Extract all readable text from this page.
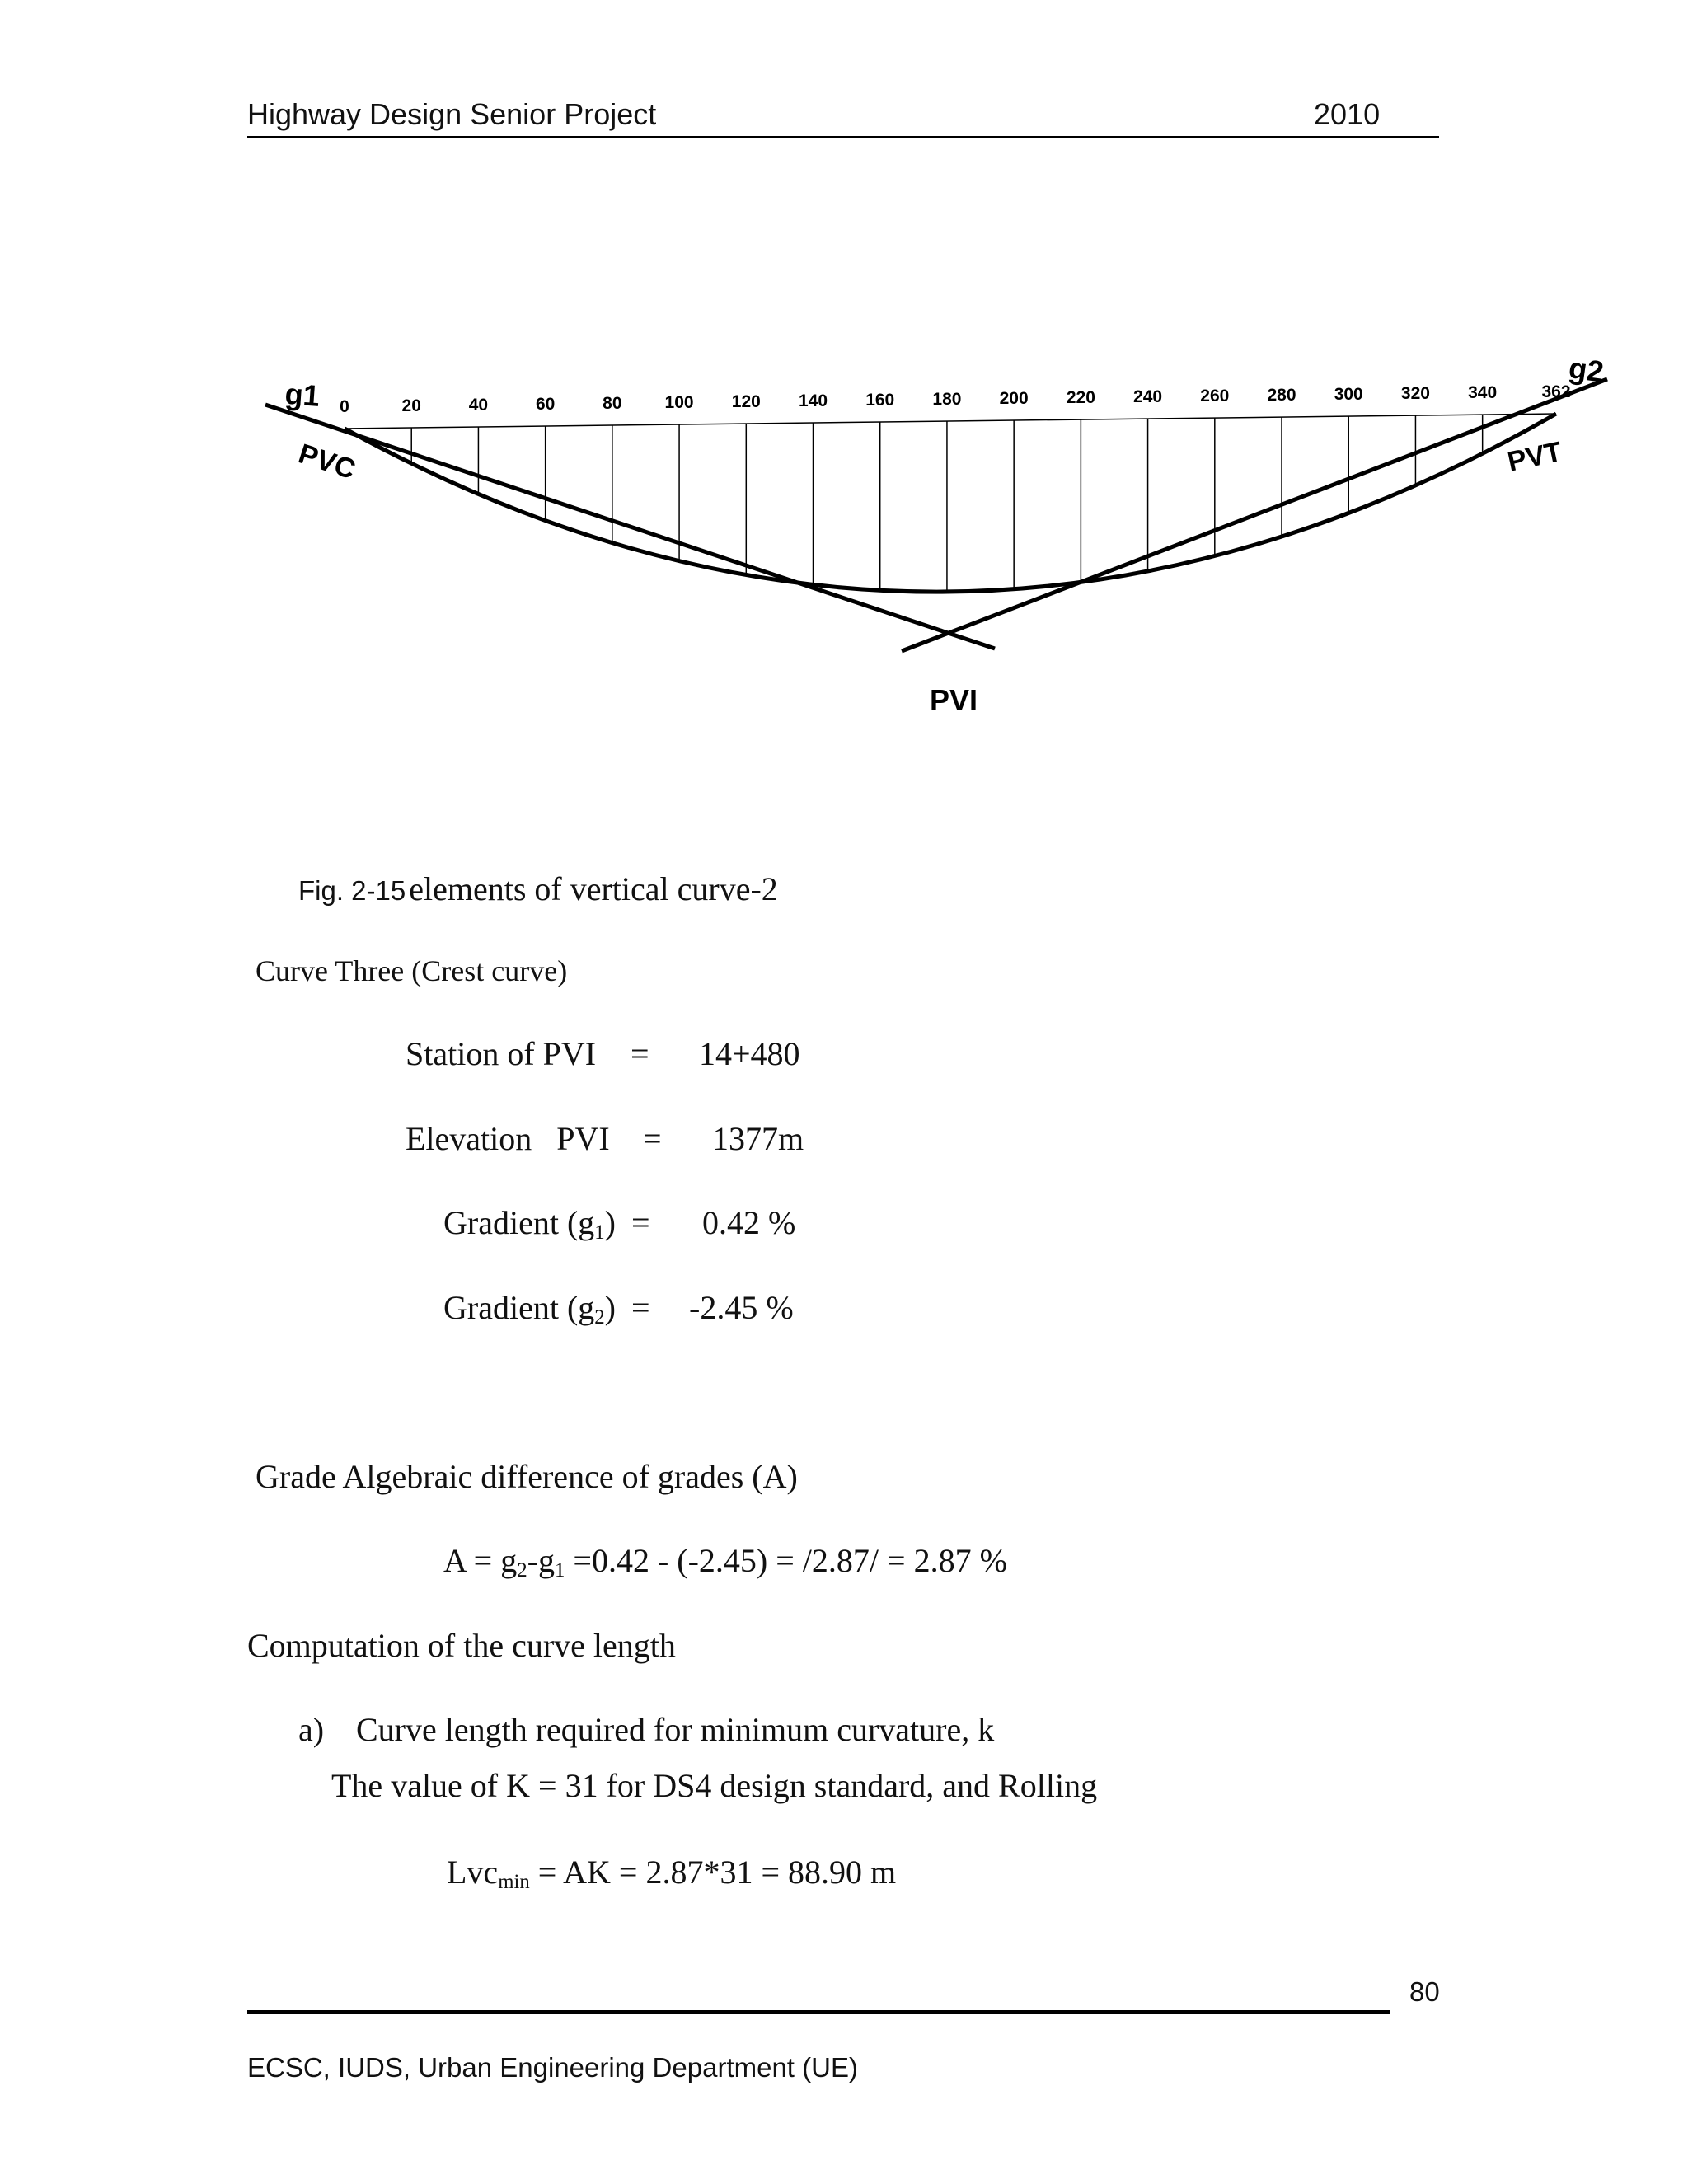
Highway Design Senior Project	2010
0	20	40	60	80 100 120 140 160 180 200 220 240 260 280 300 320 340	362
g1
PVC
g2
PVT
PVI
Fig. 2-15 elements of vertical curve-2
Curve Three (Crest curve)
Station of PVI = 14+480
Elevation   PVI = 1377m
Gradient $(g_1) = 0.42$ %
Gradient $(g_2) = -2.45$ %
Grade Algebraic difference of grades (A)
$A = g_2-g_1 =0.42 - (-2.45) = /2.87/ = 2.87$ %
Computation of the curve length
a) Curve length required for minimum curvature, k
The value of K = 31 for DS4 design standard, and Rolling
Lvc$_{min}$ = AK = 2.87*31 = 88.90 m
80
ECSC, IUDS, Urban Engineering Department (UE)
